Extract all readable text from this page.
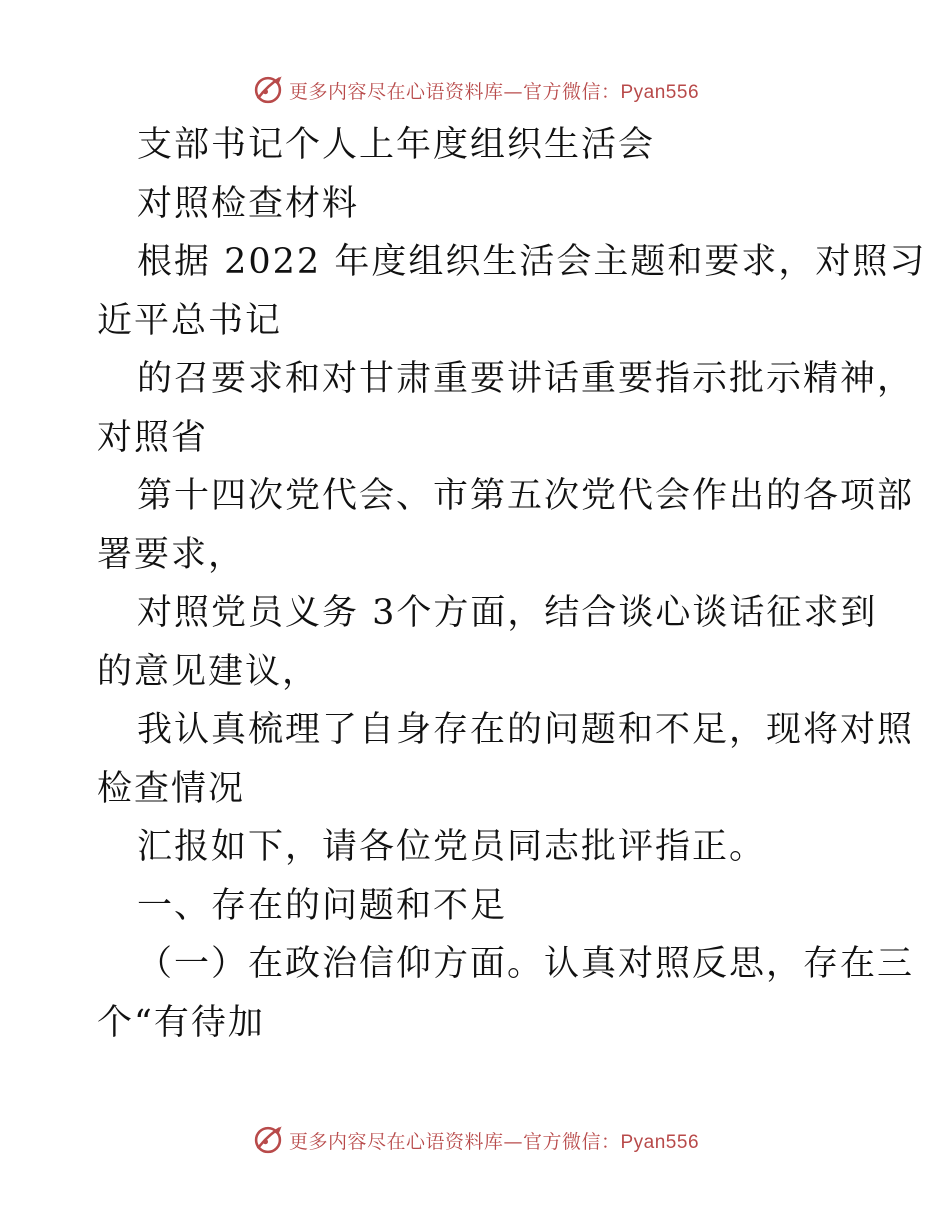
更多内容尽在心语资料库—官方微信：Pyan556
支部书记个人上年度组织生活会
对照检查材料
根据 2022 年度组织生活会主题和要求，对照习
近平总书记
的召要求和对甘肃重要讲话重要指示批示精神，
对照省
第十四次党代会、市第五次党代会作出的各项部
署要求，
对照党员义务 3个方面，结合谈心谈话征求到
的意见建议，
我认真梳理了自身存在的问题和不足，现将对照
检查情况
汇报如下，请各位党员同志批评指正。
一、存在的问题和不足
（一）在政治信仰方面。认真对照反思，存在三
个“有待加
更多内容尽在心语资料库—官方微信：Pyan556
